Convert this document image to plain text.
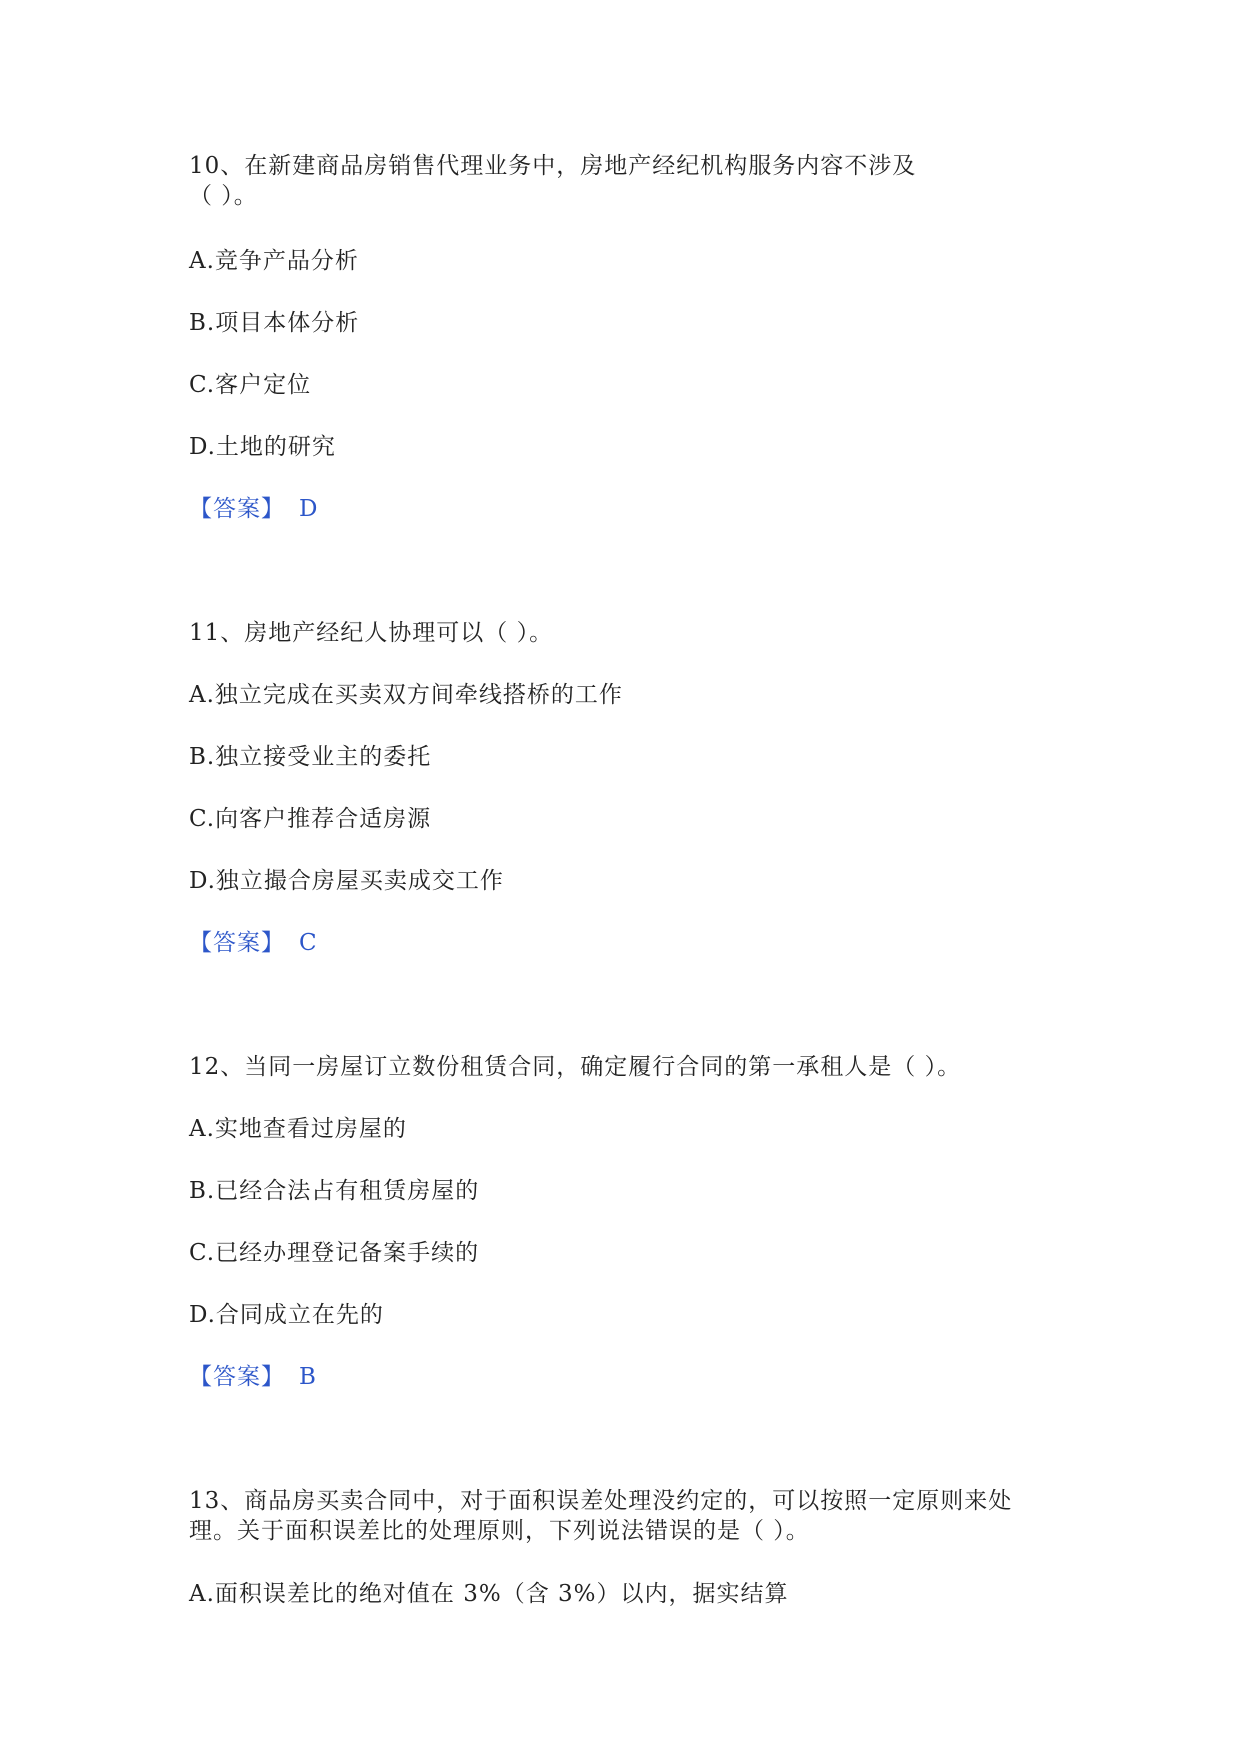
10、在新建商品房销售代理业务中，房地产经纪机构服务内容不涉及
（ ）。
A.竞争产品分析
B.项目本体分析
C.客户定位
D.土地的研究
【答案】 D
11、房地产经纪人协理可以（ ）。
A.独立完成在买卖双方间牵线搭桥的工作
B.独立接受业主的委托
C.向客户推荐合适房源
D.独立撮合房屋买卖成交工作
【答案】 C
12、当同一房屋订立数份租赁合同，确定履行合同的第一承租人是（ ）。
A.实地查看过房屋的
B.已经合法占有租赁房屋的
C.已经办理登记备案手续的
D.合同成立在先的
【答案】 B
13、商品房买卖合同中，对于面积误差处理没约定的，可以按照一定原则来处
理。关于面积误差比的处理原则，下列说法错误的是（ ）。
A.面积误差比的绝对值在 3%（含 3%）以内，据实结算
